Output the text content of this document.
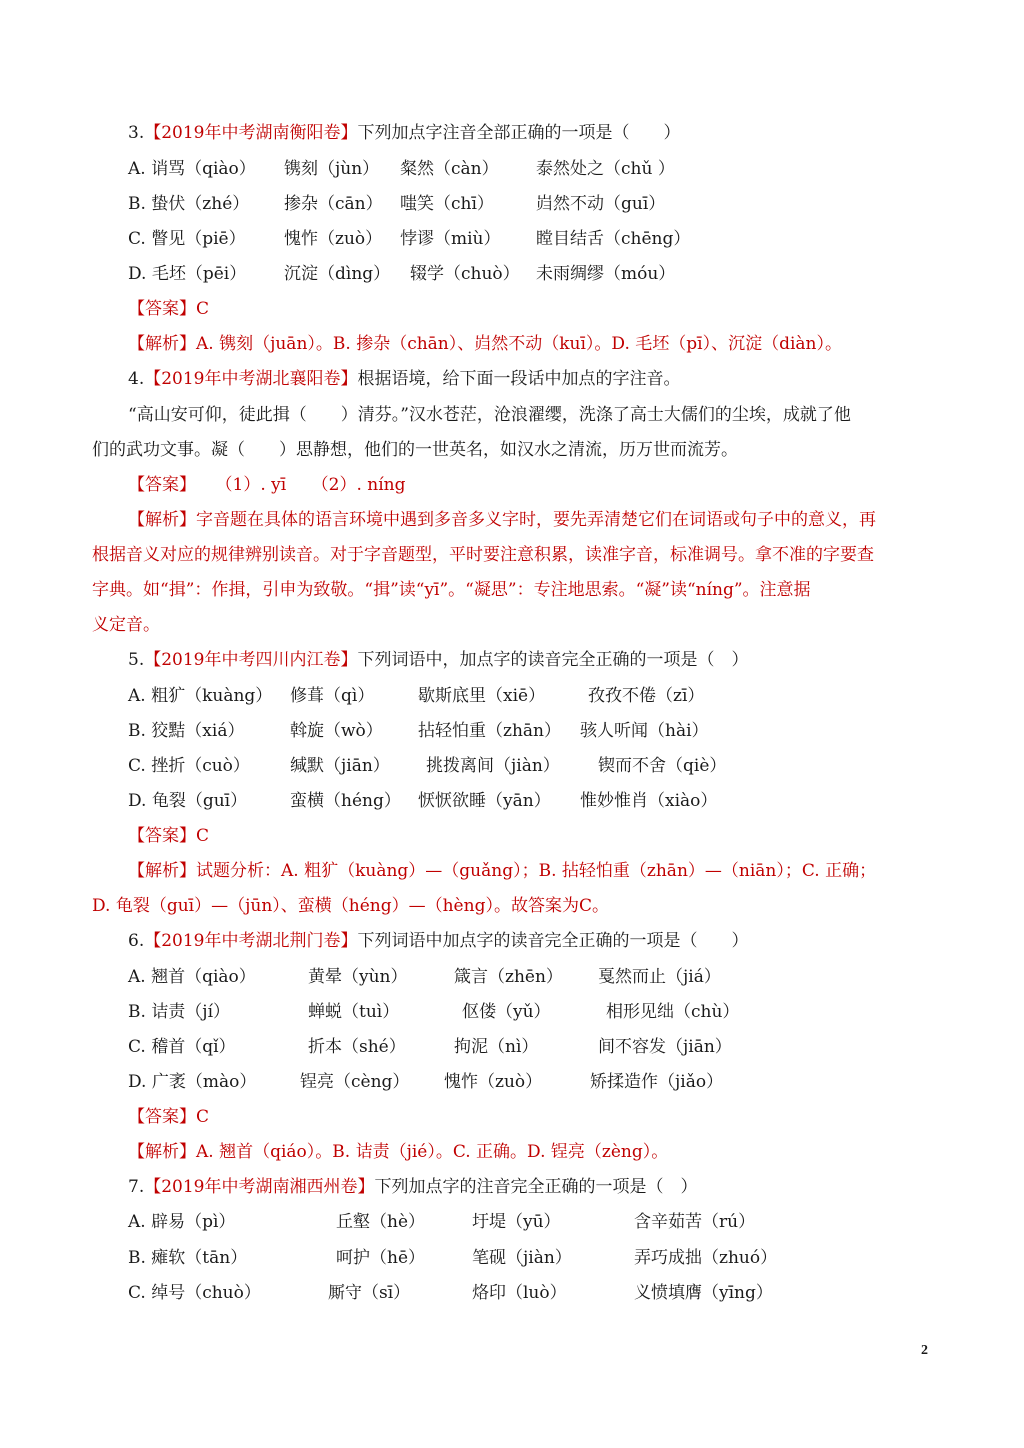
3.【2019年中考湖南衡阳卷】下列加点字注音全部正确的一项是（　　）
A. 诮骂（qiào） 镌刻（jùn） 粲然（càn） 泰然处之（chǔ ）
B. 蛰伏（zhé） 掺杂（cān） 嗤笑（chī） 岿然不动（guī）
C. 瞥见（piē） 愧怍（zuò） 悖谬（miù） 瞠目结舌（chēng）
D. 毛坯（pēi） 沉淀（dìng） 辍学（chuò） 未雨绸缪（móu）
【答案】C
【解析】A. 镌刻（juān）。B. 掺杂（chān）、岿然不动（kuī）。D. 毛坯（pī）、沉淀（diàn）。
4.【2019年中考湖北襄阳卷】根据语境，给下面一段话中加点的字注音。
“高山安可仰，徒此揖（　　）清芬。”汉水苍茫，沧浪濯缨，洗涤了高士大儒们的尘埃，成就了他
们的武功文事。凝（　　）思静想，他们的一世英名，如汉水之清流，历万世而流芳。
【答案】 （1）. yī　　（2）. níng
【解析】字音题在具体的语言环境中遇到多音多义字时，要先弄清楚它们在词语或句子中的意义，再
根据音义对应的规律辨别读音。对于字音题型，平时要注意积累，读准字音，标准调号。拿不准的字要查
字典。如“揖”：作揖，引申为致敬。“揖”读“yī”。“凝思”：专注地思索。“凝”读“níng”。注意据
义定音。
5.【2019年中考四川内江卷】下列词语中，加点字的读音完全正确的一项是（　）
A. 粗犷（kuàng） 修葺（qì）	歇斯底里（xiē）	孜孜不倦（zī）
B. 狡黠（xiá）	斡旋（wò） 拈轻怕重（zhān） 骇人听闻（hài）
C. 挫折（cuò） 缄默（jiān） 挑拨离间（jiàn） 锲而不舍（qiè）
D. 龟裂（guī）	蛮横（héng） 恹恹欲睡（yān） 惟妙惟肖（xiào）
【答案】C
【解析】试题分析：A. 粗犷（kuàng）—（guǎng）；B. 拈轻怕重（zhān）—（niān）；C. 正确；
D. 龟裂（guī）—（jūn）、蛮横（héng）—（hèng）。故答案为C。
6.【2019年中考湖北荆门卷】下列词语中加点字的读音完全正确的一项是（　　）
A. 翘首（qiào）	黄晕（yùn）	箴言（zhēn） 戛然而止（jiá）
B. 诘责（jí）	蝉蜕（tuì）	伛偻（yǔ）	相形见绌（chù）
C. 稽首（qǐ）	折本（shé）	拘泥（nì）	间不容发（jiān）
D. 广袤（mào）	锃亮（cèng） 愧怍（zuò）	矫揉造作（jiǎo）
【答案】C
【解析】A. 翘首（qiáo）。B. 诘责（jié）。C. 正确。D. 锃亮（zèng）。
7.【2019年中考湖南湘西州卷】下列加点字的注音完全正确的一项是（　）
A. 辟易（pì）	丘壑（hè）	圩堤（yū）	含辛茹苦（rú）
B. 瘫软（tān）	呵护（hē）	笔砚（jiàn）	弄巧成拙（zhuó）
C. 绰号（chuò）	厮守（sī）	烙印（luò）	义愤填膺（yīng）
2
